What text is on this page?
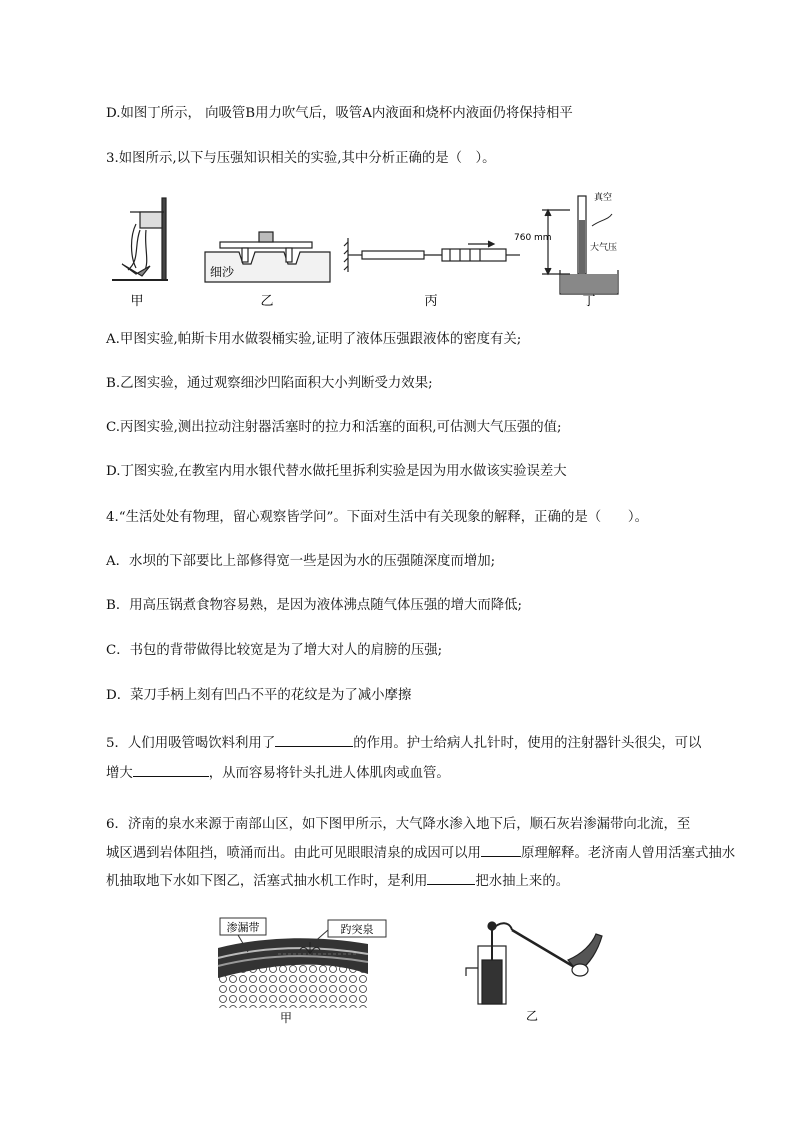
D.如图丁所示， 向吸管B用力吹气后，吸管A内液面和烧杯内液面仍将保持相平
3.如图所示,以下与压强知识相关的实验,其中分析正确的是（　）。
甲
细沙
乙	丙
760 mm
真空
大气压
丁
A.甲图实验,帕斯卡用水做裂桶实验,证明了液体压强跟液体的密度有关;
B.乙图实验，通过观察细沙凹陷面积大小判断受力效果;
C.丙图实验,测出拉动注射器活塞时的拉力和活塞的面积,可估测大气压强的值;
D.丁图实验,在教室内用水银代替水做托里拆利实验是因为用水做该实验误差大
4.“生活处处有物理，留心观察皆学问”。下面对生活中有关现象的解释，正确的是（　　）。
A．水坝的下部要比上部修得宽一些是因为水的压强随深度而增加;
B．用高压锅煮食物容易熟，是因为液体沸点随气体压强的增大而降低;
C．书包的背带做得比较宽是为了增大对人的肩膀的压强;
D．菜刀手柄上刻有凹凸不平的花纹是为了减小摩擦
5．人们用吸管喝饮料利用了	的作用。护士给病人扎针时，使用的注射器针头很尖，可以
增大	，从而容易将针头扎进人体肌肉或血管。
6．济南的泉水来源于南部山区，如下图甲所示，大气降水渗入地下后，顺石灰岩渗漏带向北流，至
城区遇到岩体阻挡，喷涌而出。由此可见眼眼清泉的成因可以用	原理解释。老济南人曾用活塞式抽水
机抽取地下水如下图乙，活塞式抽水机工作时，是利用	把水抽上来的。
渗漏带	趵突泉
甲	乙
